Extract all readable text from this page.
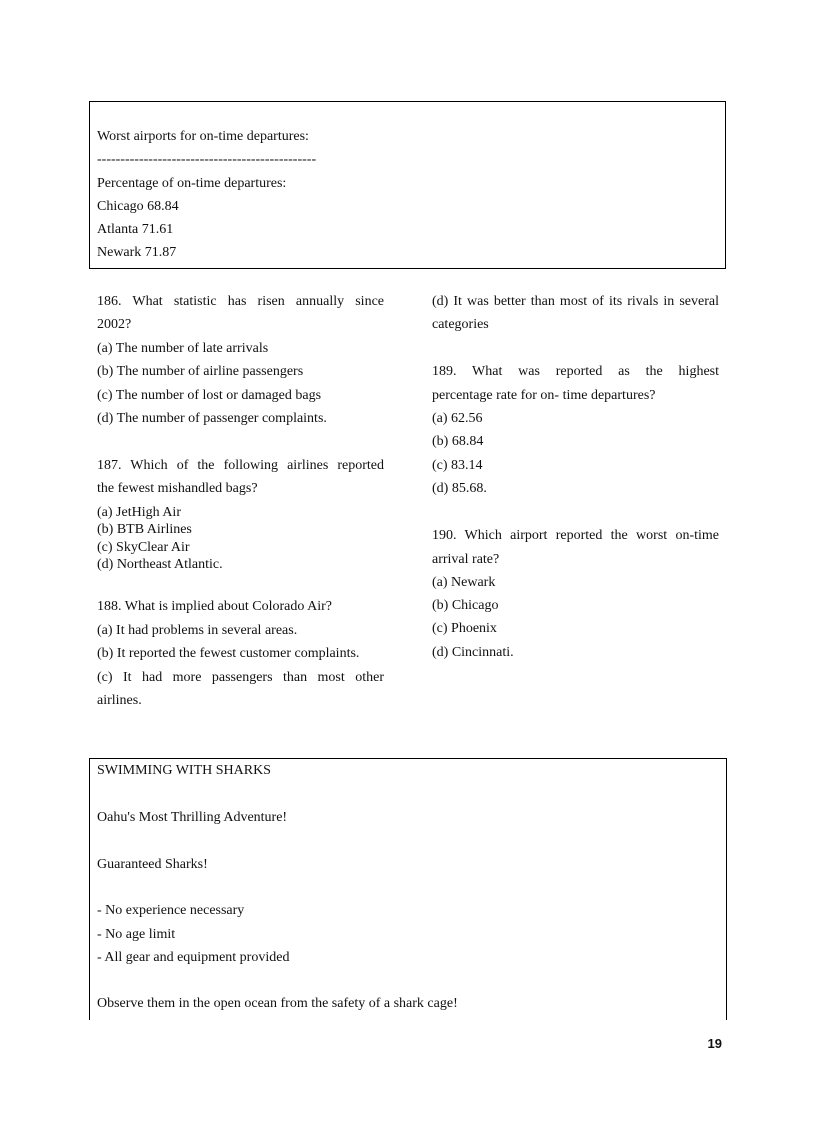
Worst airports for on-time departures:
-----------------------------------------------
Percentage of on-time departures:
Chicago 68.84
Atlanta 71.61
Newark 71.87
186. What statistic has risen annually since
2002?
(a) The number of late arrivals
(b) The number of airline passengers
(c) The number of lost or damaged bags
(d) The number of passenger complaints.
187. Which of the following airlines reported
the fewest mishandled bags?
(a) JetHigh Air
(b) BTB Airlines
(c) SkyClear Air
(d) Northeast Atlantic.
188. What is implied about Colorado Air?
(a) It had problems in several areas.
(b) It reported the fewest customer complaints.
(c) It had more passengers than most other
airlines.
(d) It was better than most of its rivals in several
categories
189. What was reported as the highest
percentage rate for on- time departures?
(a) 62.56
(b) 68.84
(c) 83.14
(d) 85.68.
190. Which airport reported the worst on-time
arrival rate?
(a) Newark
(b) Chicago
(c) Phoenix
(d) Cincinnati.
SWIMMING WITH SHARKS
Oahu's Most Thrilling Adventure!
Guaranteed Sharks!
- No experience necessary
- No age limit
- All gear and equipment provided
Observe them in the open ocean from the safety of a shark cage!
19
